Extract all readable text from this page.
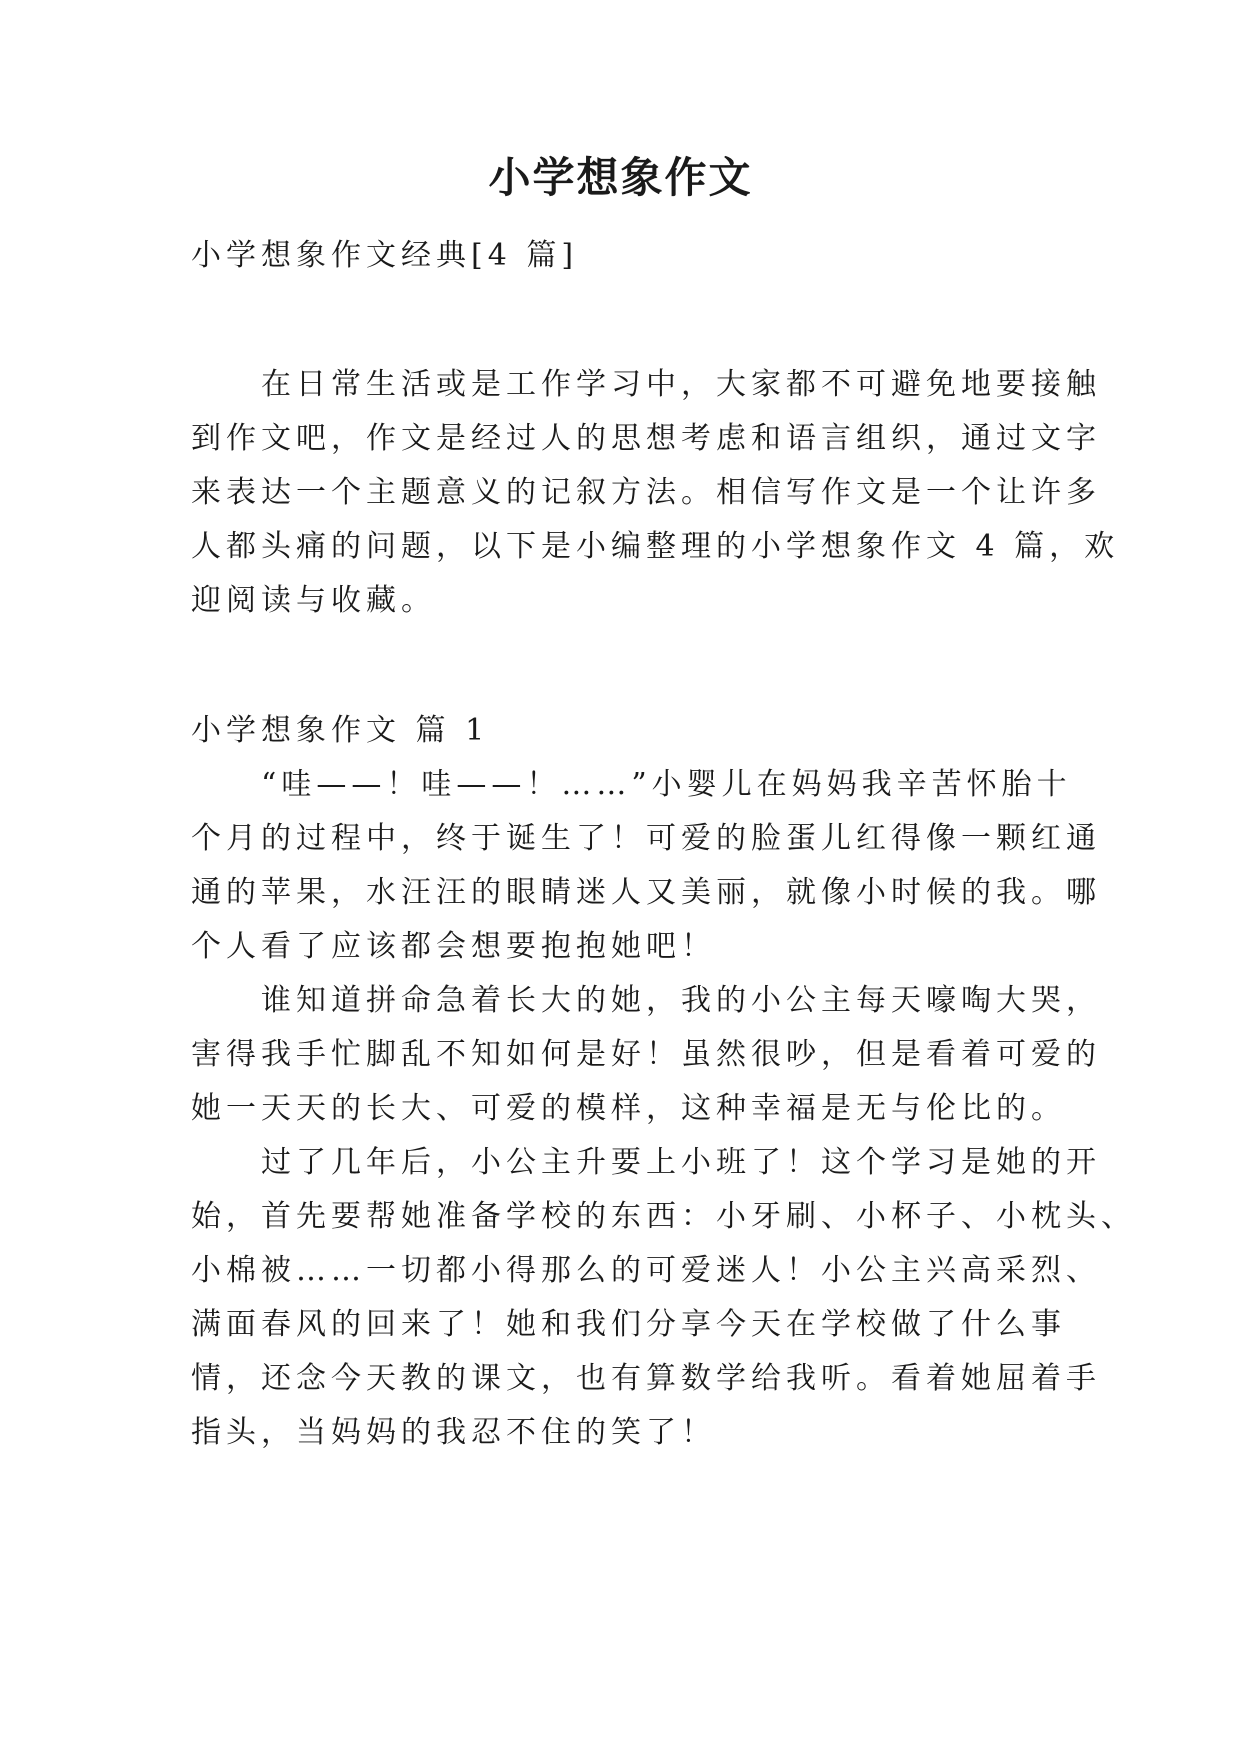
小学想象作文
小学想象作文经典[4 篇]
　　在日常生活或是工作学习中，大家都不可避免地要接触
到作文吧，作文是经过人的思想考虑和语言组织，通过文字
来表达一个主题意义的记叙方法。相信写作文是一个让许多
人都头痛的问题，以下是小编整理的小学想象作文 4 篇，欢
迎阅读与收藏。
小学想象作文 篇 1
　　“哇——！哇——！……”小婴儿在妈妈我辛苦怀胎十
个月的过程中，终于诞生了！可爱的脸蛋儿红得像一颗红通
通的苹果，水汪汪的眼睛迷人又美丽，就像小时候的我。哪
个人看了应该都会想要抱抱她吧！
　　谁知道拼命急着长大的她，我的小公主每天嚎啕大哭，
害得我手忙脚乱不知如何是好！虽然很吵，但是看着可爱的
她一天天的长大、可爱的模样，这种幸福是无与伦比的。
　　过了几年后，小公主升要上小班了！这个学习是她的开
始，首先要帮她准备学校的东西：小牙刷、小杯子、小枕头、
小棉被……一切都小得那么的可爱迷人！小公主兴高采烈、
满面春风的回来了！她和我们分享今天在学校做了什么事
情，还念今天教的课文，也有算数学给我听。看着她屈着手
指头，当妈妈的我忍不住的笑了！
